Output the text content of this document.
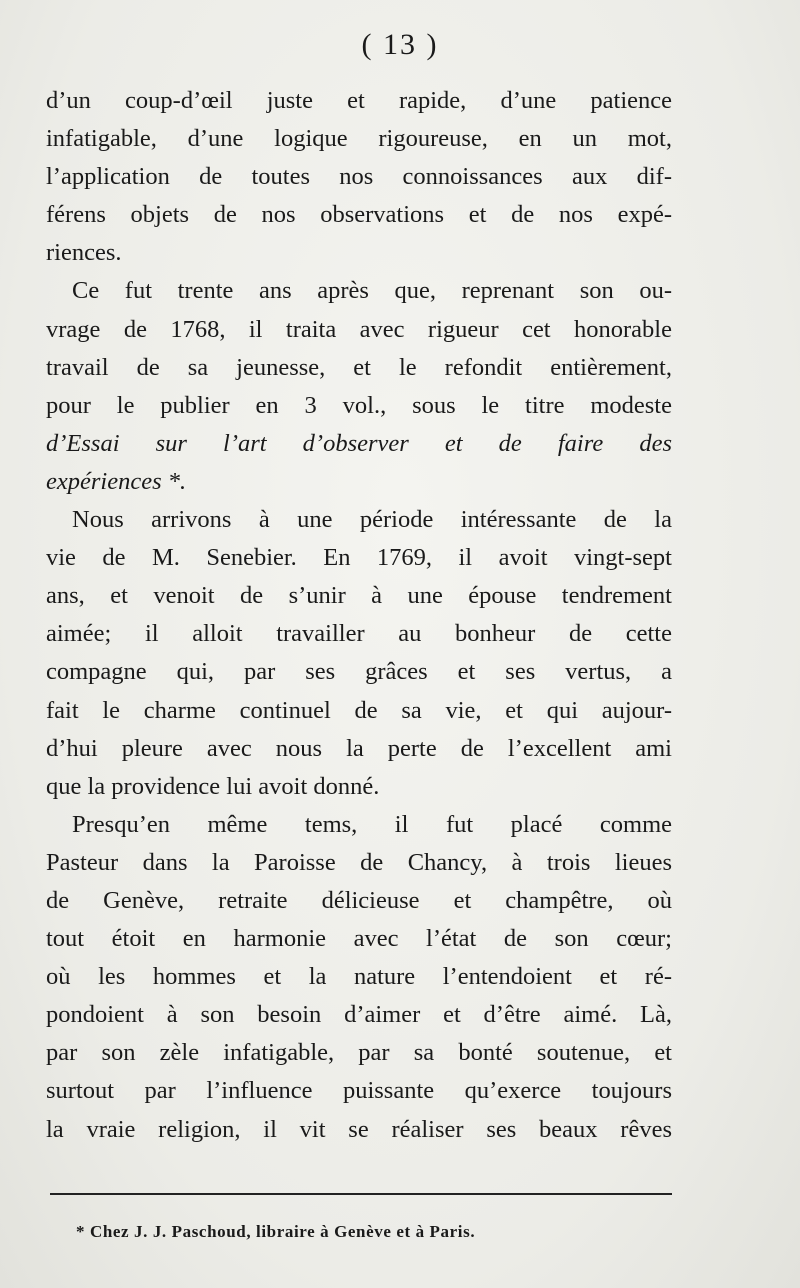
( 13 )
d’un coup-d’œil juste et rapide, d’une patience
infatigable, d’une logique rigoureuse, en un mot,
l’application de toutes nos connoissances aux dif-
férens objets de nos observations et de nos expé-
riences.
Ce fut trente ans après que, reprenant son ou-
vrage de 1768, il traita avec rigueur cet honorable
travail de sa jeunesse, et le refondit entièrement,
pour le publier en 3 vol., sous le titre modeste
d’Essai sur l’art d’observer et de faire des
expériences *.
Nous arrivons à une période intéressante de la
vie de M. Senebier. En 1769, il avoit vingt-sept
ans, et venoit de s’unir à une épouse tendrement
aimée; il alloit travailler au bonheur de cette
compagne qui, par ses grâces et ses vertus, a
fait le charme continuel de sa vie, et qui aujour-
d’hui pleure avec nous la perte de l’excellent ami
que la providence lui avoit donné.
Presqu’en même tems, il fut placé comme
Pasteur dans la Paroisse de Chancy, à trois lieues
de Genève, retraite délicieuse et champêtre, où
tout étoit en harmonie avec l’état de son cœur;
où les hommes et la nature l’entendoient et ré-
pondoient à son besoin d’aimer et d’être aimé. Là,
par son zèle infatigable, par sa bonté soutenue, et
surtout par l’influence puissante qu’exerce toujours
la vraie religion, il vit se réaliser ses beaux rêves
* Chez J. J. Paschoud, libraire à Genève et à Paris.
